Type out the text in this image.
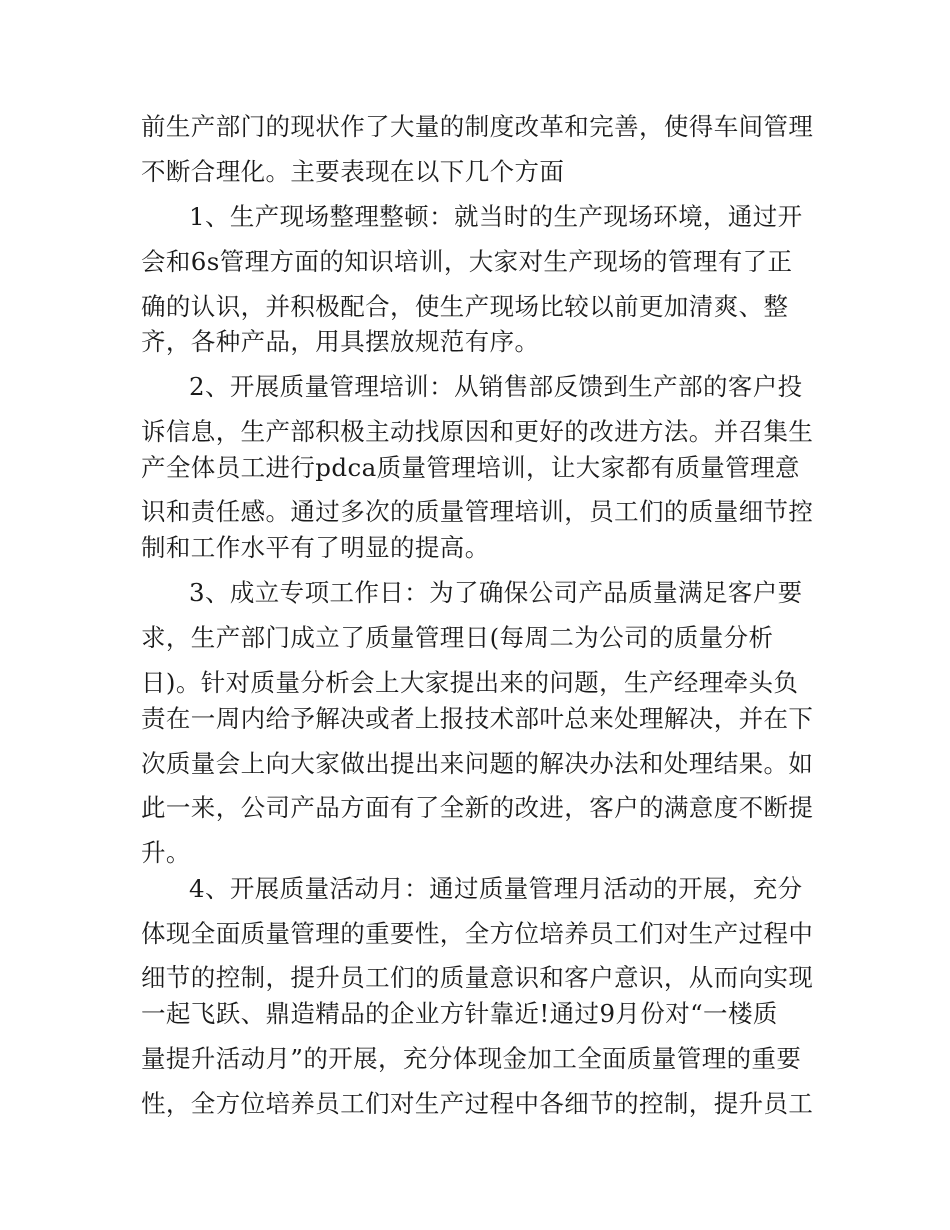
前生产部门的现状作了大量的制度改革和完善，使得车间管理
不断合理化。主要表现在以下几个方面
1、生产现场整理整顿：就当时的生产现场环境，通过开
会和6s管理方面的知识培训，大家对生产现场的管理有了正
确的认识，并积极配合，使生产现场比较以前更加清爽、整
齐，各种产品，用具摆放规范有序。
2、开展质量管理培训：从销售部反馈到生产部的客户投
诉信息，生产部积极主动找原因和更好的改进方法。并召集生
产全体员工进行pdca质量管理培训，让大家都有质量管理意
识和责任感。通过多次的质量管理培训，员工们的质量细节控
制和工作水平有了明显的提高。
3、成立专项工作日：为了确保公司产品质量满足客户要
求，生产部门成立了质量管理日(每周二为公司的质量分析
日)。针对质量分析会上大家提出来的问题，生产经理牵头负
责在一周内给予解决或者上报技术部叶总来处理解决，并在下
次质量会上向大家做出提出来问题的解决办法和处理结果。如
此一来，公司产品方面有了全新的改进，客户的满意度不断提
升。
4、开展质量活动月：通过质量管理月活动的开展，充分
体现全面质量管理的重要性，全方位培养员工们对生产过程中
细节的控制，提升员工们的质量意识和客户意识，从而向实现
一起飞跃、鼎造精品的企业方针靠近!通过9月份对“一楼质
量提升活动月”的开展，充分体现金加工全面质量管理的重要
性，全方位培养员工们对生产过程中各细节的控制，提升员工
